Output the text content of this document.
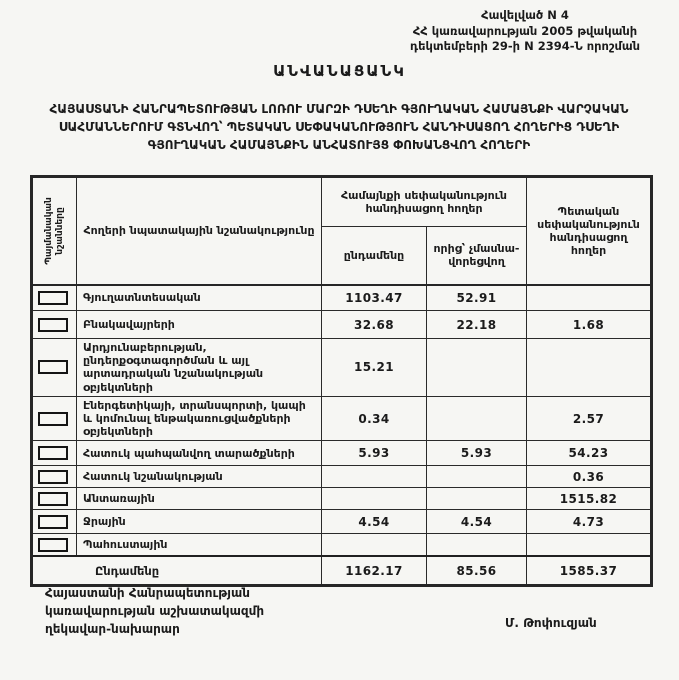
Հավելված N 4
ՀՀ կառավարության 2005 թվականի
դեկտեմբերի 29-ի N 2394-Ն որոշման
ԱՆՎԱՆԱՑԱՆԿ
ՀԱՅԱՍՏԱՆԻ ՀԱՆՐԱՊԵՏՈՒԹՅԱՆ ԼՈՌՈՒ ՄԱՐԶԻ ԴՍԵՂԻ ԳՅՈՒՂԱԿԱՆ ՀԱՄԱՅՆՔԻ ՎԱՐՉԱԿԱՆ
ՍԱՀՄԱՆՆԵՐՈՒՄ ԳՏՆՎՈՂ՝ ՊԵՏԱԿԱՆ ՍԵՓԱԿԱՆՈՒԹՅՈՒՆ ՀԱՆԴԻՍԱՑՈՂ ՀՈՂԵՐԻՑ ԴՍԵՂԻ
ԳՅՈՒՂԱԿԱՆ ՀԱՄԱՅՆՔԻՆ ԱՆՀԱՏՈՒՅՑ ՓՈԽԱՆՑՎՈՂ ՀՈՂԵՐԻ
Պայմանական նշանները	Հողերի նպատակային նշանակությունը	Համայնքի սեփականություն հանդիսացող հողեր		Պետական սեփականություն հանդիսացող հողեր
		ընդամենը	որից՝ չմասնավորեցվող	

	Գյուղատնտեսական	1103.47	52.91	

	Բնակավայրերի	32.68	22.18	1.68

	Արդյունաբերության, ընդերքօգտագործման և այլ արտադրական նշանակության օբյեկտների	15.21		

	Էներգետիկայի, տրանսպորտի, կապի և կոմունալ ենթակառուցվածքների օբյեկտների	0.34		2.57

	Հատուկ պահպանվող տարածքների	5.93	5.93	54.23

	Հատուկ նշանակության			0.36

	Անտառային			1515.82

	Ջրային	4.54	4.54	4.73

	Պահուստային			
Ընդամենը		1162.17	85.56	1585.37
Հայաստանի Հանրապետության
կառավարության աշխատակազմի
ղեկավար-նախարար	Մ. Թոփուզյան
